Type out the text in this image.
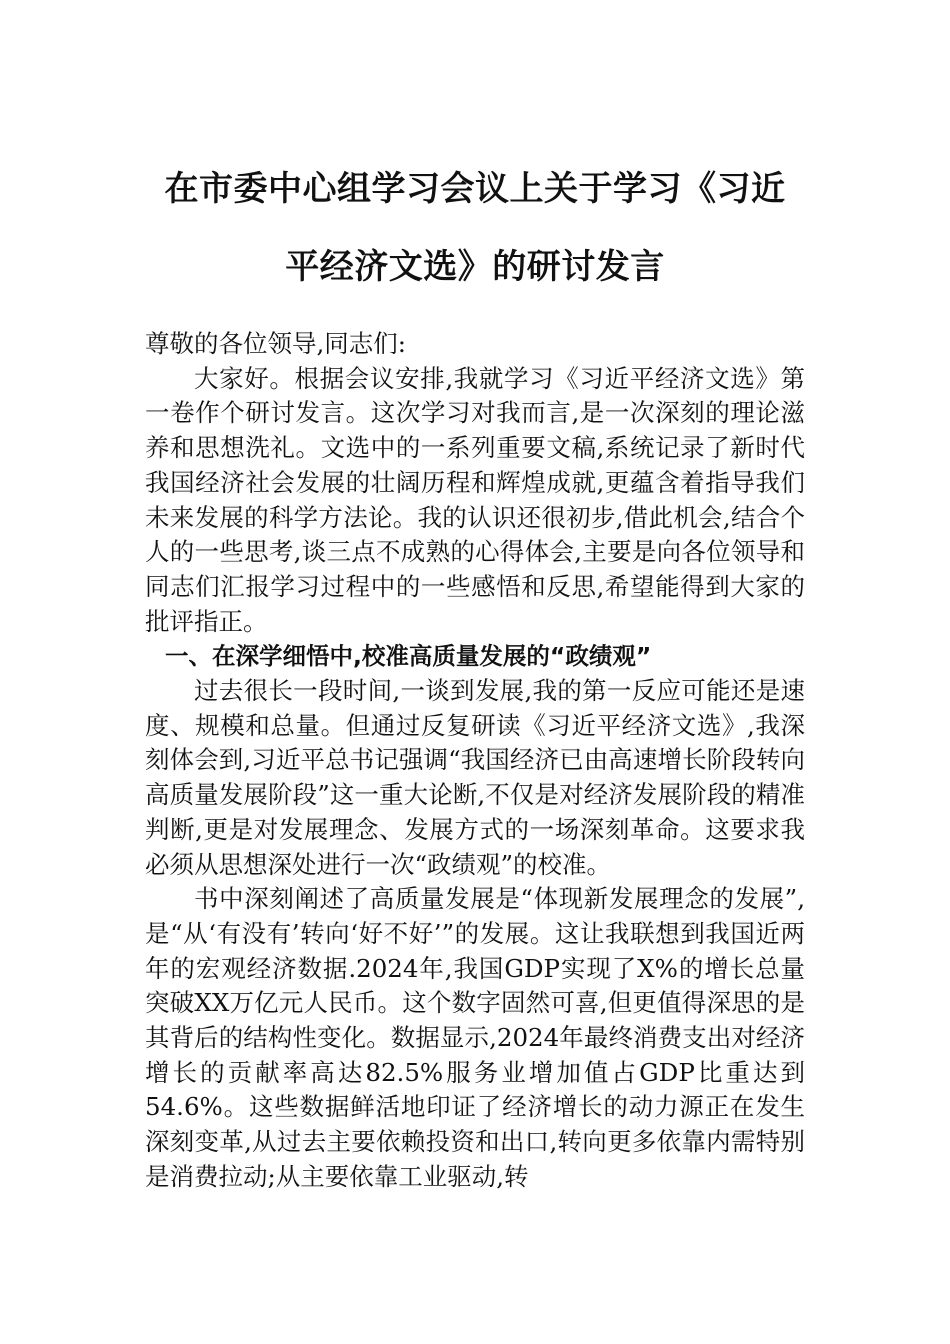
在市委中心组学习会议上关于学习《习近
平经济文选》的研讨发言

尊敬的各位领导,同志们:

大家好。根据会议安排,我就学习《习近平经济文选》第一卷作个研讨发言。这次学习对我而言,是一次深刻的理论滋养和思想洗礼。文选中的一系列重要文稿,系统记录了新时代我国经济社会发展的壮阔历程和辉煌成就,更蕴含着指导我们未来发展的科学方法论。我的认识还很初步,借此机会,结合个人的一些思考,谈三点不成熟的心得体会,主要是向各位领导和同志们汇报学习过程中的一些感悟和反思,希望能得到大家的批评指正。

一、在深学细悟中,校准高质量发展的“政绩观”

过去很长一段时间,一谈到发展,我的第一反应可能还是速度、规模和总量。但通过反复研读《习近平经济文选》,我深刻体会到,习近平总书记强调“我国经济已由高速增长阶段转向高质量发展阶段”这一重大论断,不仅是对经济发展阶段的精准判断,更是对发展理念、发展方式的一场深刻革命。这要求我必须从思想深处进行一次“政绩观”的校准。

书中深刻阐述了高质量发展是“体现新发展理念的发展”,是“从‘有没有’转向‘好不好’”的发展。这让我联想到我国近两年的宏观经济数据.2024年,我国GDP实现了X%的增长总量突破XX万亿元人民币。这个数字固然可喜,但更值得深思的是其背后的结构性变化。数据显示,2024年最终消费支出对经济增长的贡献率高达82.5%服务业增加值占GDP比重达到54.6%。这些数据鲜活地印证了经济增长的动力源正在发生深刻变革,从过去主要依赖投资和出口,转向更多依靠内需特别是消费拉动;从主要依靠工业驱动,转
